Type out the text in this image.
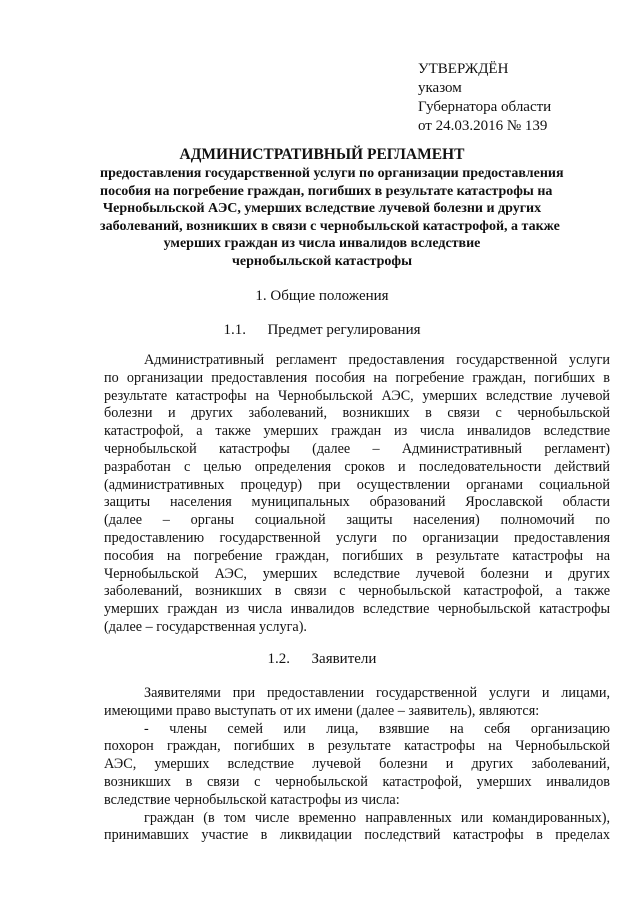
УТВЕРЖДЁН
указом
Губернатора области
от 24.03.2016 № 139
АДМИНИСТРАТИВНЫЙ РЕГЛАМЕНТ
предоставления государственной услуги по организации предоставления
пособия на погребение граждан, погибших в результате катастрофы на
Чернобыльской АЭС, умерших вследствие лучевой болезни и других
заболеваний, возникших в связи с чернобыльской катастрофой, а также
умерших граждан из числа инвалидов вследствие
чернобыльской катастрофы
1. Общие положения
1.1. Предмет регулирования
Административный регламент предоставления государственной услуги
по организации предоставления пособия на погребение граждан, погибших в
результате катастрофы на Чернобыльской АЭС, умерших вследствие лучевой
болезни и других заболеваний, возникших в связи с чернобыльской
катастрофой, а также умерших граждан из числа инвалидов вследствие
чернобыльской катастрофы (далее – Административный регламент)
разработан с целью определения сроков и последовательности действий
(административных процедур) при осуществлении органами социальной
защиты населения муниципальных образований Ярославской области
(далее – органы социальной защиты населения) полномочий по
предоставлению государственной услуги по организации предоставления
пособия на погребение граждан, погибших в результате катастрофы на
Чернобыльской АЭС, умерших вследствие лучевой болезни и других
заболеваний, возникших в связи с чернобыльской катастрофой, а также
умерших граждан из числа инвалидов вследствие чернобыльской катастрофы
(далее – государственная услуга).
1.2. Заявители
Заявителями при предоставлении государственной услуги и лицами,
имеющими право выступать от их имени (далее – заявитель), являются:
- члены семей или лица, взявшие на себя организацию
похорон граждан, погибших в результате катастрофы на Чернобыльской
АЭС, умерших вследствие лучевой болезни и других заболеваний,
возникших в связи с чернобыльской катастрофой, умерших инвалидов
вследствие чернобыльской катастрофы из числа:
граждан (в том числе временно направленных или командированных),
принимавших участие в ликвидации последствий катастрофы в пределах
